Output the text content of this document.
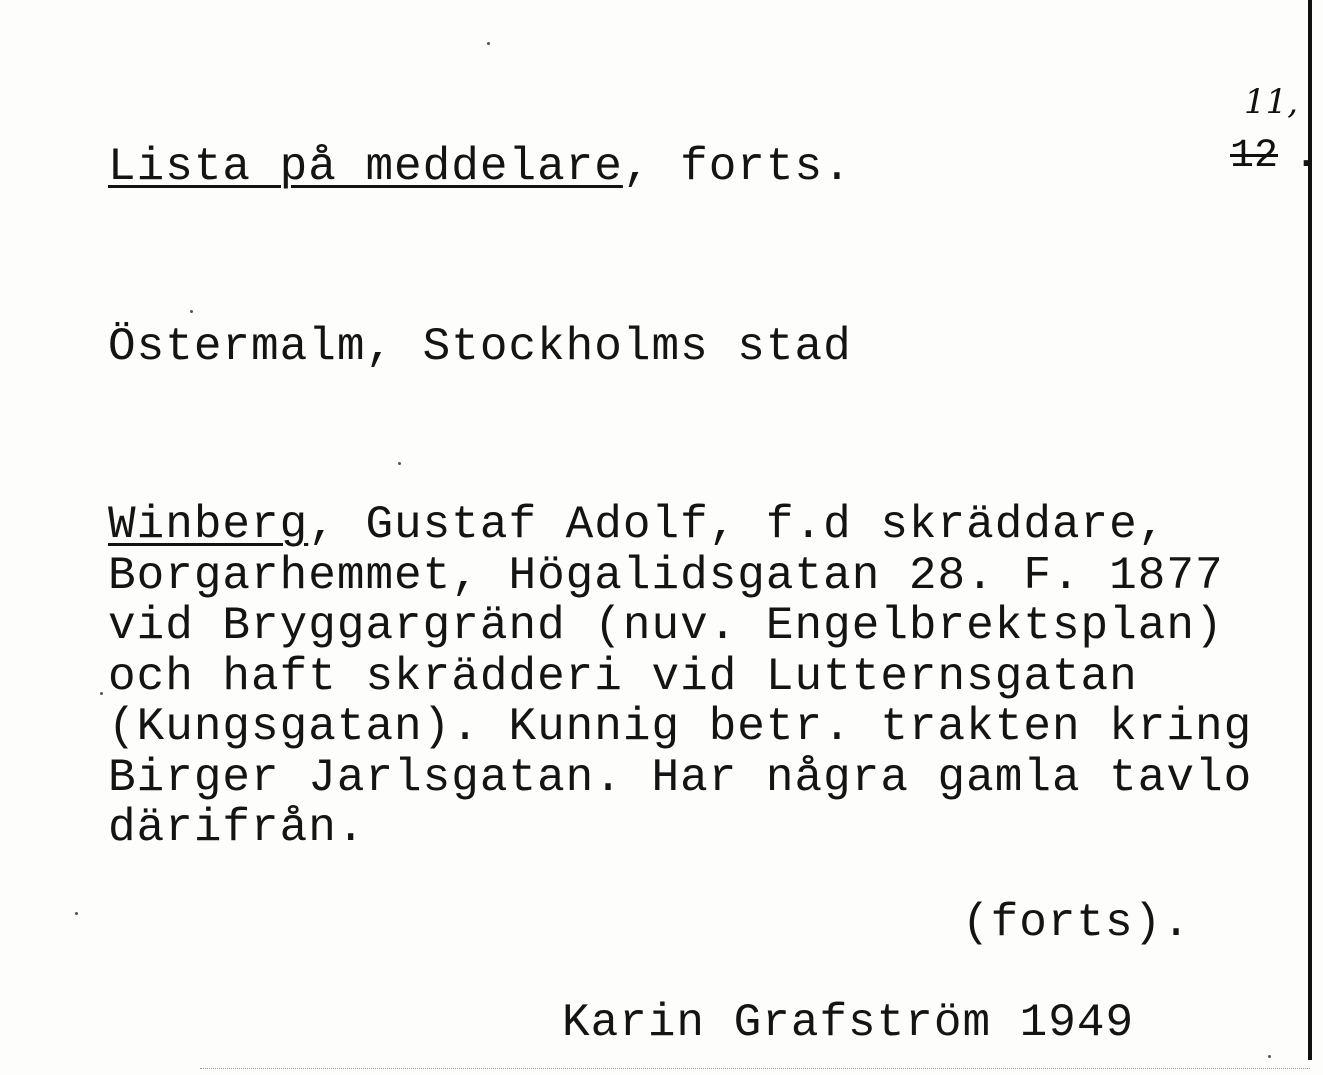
Lista på meddelare, forts.
11,
12 .
Östermalm, Stockholms stad
Winberg, Gustaf Adolf, f.d skräddare,
Borgarhemmet, Högalidsgatan 28. F. 1877
vid Bryggargränd (nuv. Engelbrektsplan)
och haft skrädderi vid Lutternsgatan
(Kungsgatan). Kunnig betr. trakten kring
Birger Jarlsgatan. Har några gamla tavlo
därifrån.
(forts).
Karin Grafström 1949
